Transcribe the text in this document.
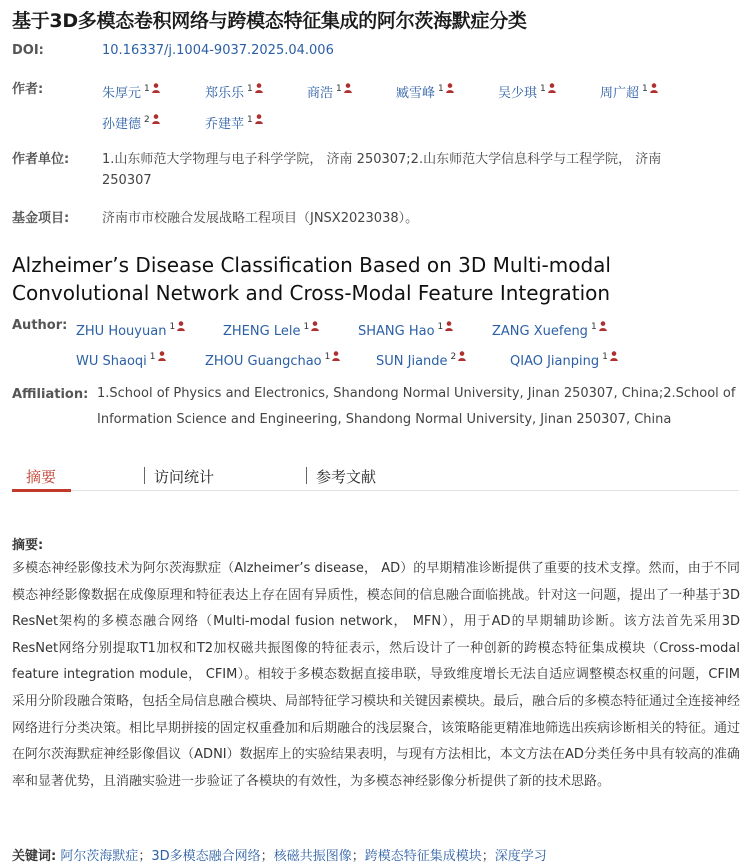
基于3D多模态卷积网络与跨模态特征集成的阿尔茨海默症分类
DOI:	10.16337/j.1004-9037.2025.04.006
作者:	朱厚元 $^1$	郑乐乐 $^1$	商浩 $^1$	臧雪峰 $^1$	吴少琪 $^1$	周广超 $^1$
孙建德 $^2$	乔建苹 $^1$
作者单位:	1.山东师范大学物理与电子科学学院， 济南 250307;2.山东师范大学信息科学与工程学院， 济南
250307
基金项目:	济南市市校融合发展战略工程项目（JNSX2023038）。
Alzheimer’s Disease Classification Based on 3D Multi-modal Convolutional Network and Cross-Modal Feature Integration
Author: ZHU Houyuan $^1$	ZHENG Lele $^1$	SHANG Hao $^1$	ZANG Xuefeng $^1$
WU Shaoqi $^1$	ZHOU Guangchao $^1$	SUN Jiande $^2$	QIAO Jianping $^1$
Affiliation: 1.School of Physics and Electronics, Shandong Normal University, Jinan 250307, China;2.School of
Information Science and Engineering, Shandong Normal University, Jinan 250307, China
摘要	访问统计	参考文献
摘要:
多模态神经影像技术为阿尔茨海默症（Alzheimer’s disease， AD）的早期精准诊断提供了重要的技术支撑。然而，由于不同模态神经影像数据在成像原理和特征表达上存在固有异质性，模态间的信息融合面临挑战。针对这一问题，提出了一种基于3D ResNet架构的多模态融合网络（Multi-modal fusion network， MFN），用于AD的早期辅助诊断。该方法首先采用3D ResNet网络分别提取T1加权和T2加权磁共振图像的特征表示，然后设计了一种创新的跨模态特征集成模块（Cross-modal feature integration module， CFIM）。相较于多模态数据直接串联，导致维度增长无法自适应调整模态权重的问题，CFIM 采用分阶段融合策略，包括全局信息融合模块、局部特征学习模块和关键因素模块。最后，融合后的多模态特征通过全连接神经网络进行分类决策。相比早期拼接的固定权重叠加和后期融合的浅层聚合，该策略能更精准地筛选出疾病诊断相关的特征。通过在阿尔茨海默症神经影像倡议（ADNI）数据库上的实验结果表明，与现有方法相比，本文方法在AD分类任务中具有较高的准确率和显著优势，且消融实验进一步验证了各模块的有效性，为多模态神经影像分析提供了新的技术思路。
关键词: 阿尔茨海默症；3D多模态融合网络；核磁共振图像；跨模态特征集成模块；深度学习
